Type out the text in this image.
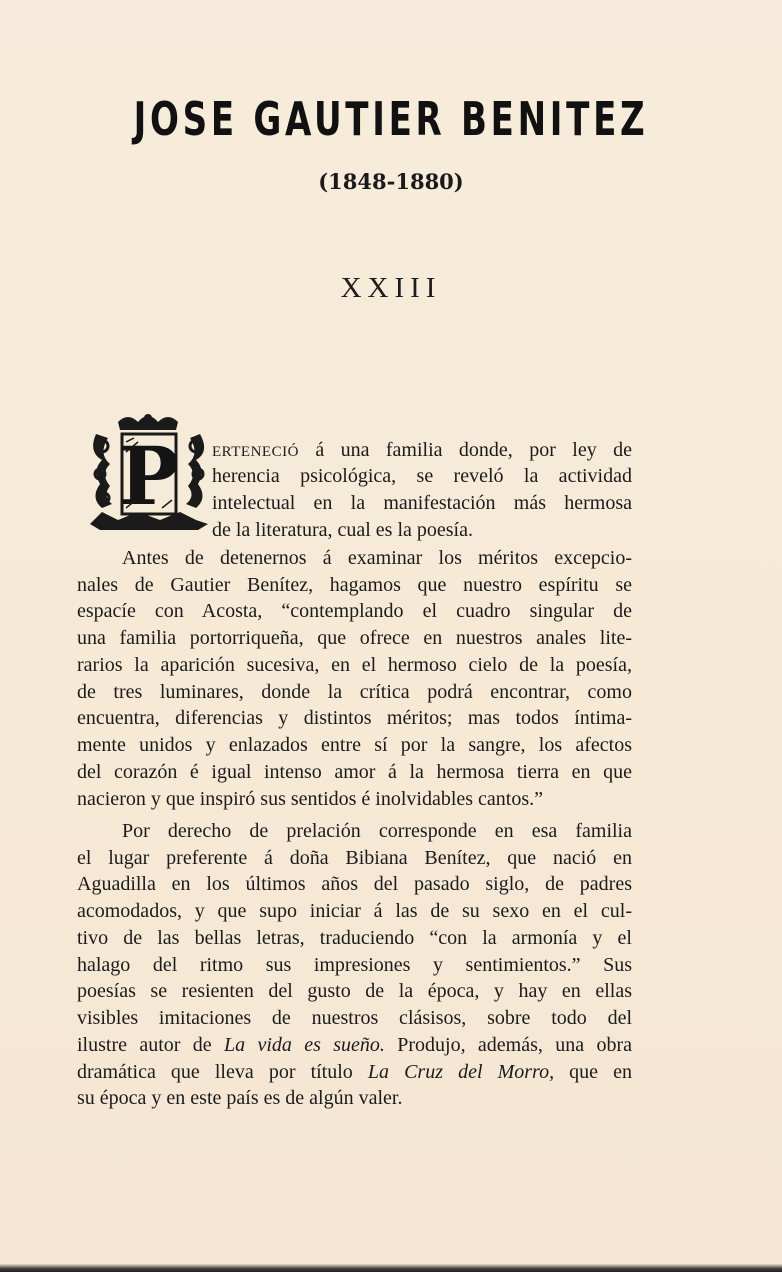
JOSE GAUTIER BENITEZ
(1848-1880)
XXIII
P ERTENECIÓ á una familia donde, por ley de
herencia psicológica, se reveló la actividad
intelectual en la manifestación más hermosa
de la literatura, cual es la poesía.
Antes de detenernos á examinar los méritos excepcio-
nales de Gautier Benítez, hagamos que nuestro espíritu se
espacíe con Acosta, “contemplando el cuadro singular de
una familia portorriqueña, que ofrece en nuestros anales lite-
rarios la aparición sucesiva, en el hermoso cielo de la poesía,
de tres luminares, donde la crítica podrá encontrar, como
encuentra, diferencias y distintos méritos; mas todos íntima-
mente unidos y enlazados entre sí por la sangre, los afectos
del corazón é igual intenso amor á la hermosa tierra en que
nacieron y que inspiró sus sentidos é inolvidables cantos.”
Por derecho de prelación corresponde en esa familia
el lugar preferente á doña Bibiana Benítez, que nació en
Aguadilla en los últimos años del pasado siglo, de padres
acomodados, y que supo iniciar á las de su sexo en el cul-
tivo de las bellas letras, traduciendo “con la armonía y el
halago del ritmo sus impresiones y sentimientos.” Sus
poesías se resienten del gusto de la época, y hay en ellas
visibles imitaciones de nuestros clásisos, sobre todo del
ilustre autor de La vida es sueño. Produjo, además, una obra
dramática que lleva por título La Cruz del Morro, que en
su época y en este país es de algún valer.
